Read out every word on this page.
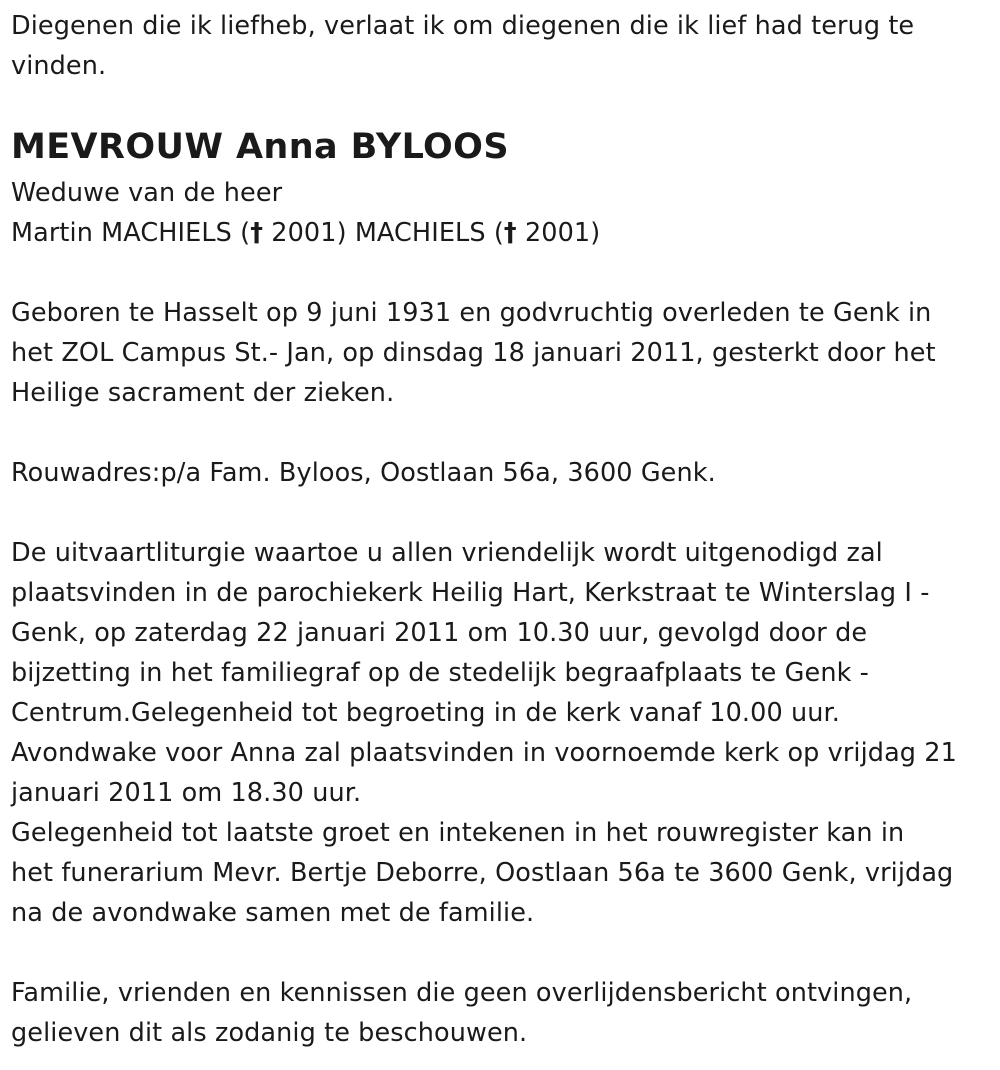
Diegenen die ik liefheb, verlaat ik om diegenen die ik lief had terug te
vinden.
MEVROUW Anna BYLOOS
Weduwe van de heer
Martin MACHIELS († 2001) MACHIELS († 2001)
Geboren te Hasselt op 9 juni 1931 en godvruchtig overleden te Genk in
het ZOL Campus St.- Jan, op dinsdag 18 januari 2011, gesterkt door het
Heilige sacrament der zieken.
Rouwadres:p/a Fam. Byloos, Oostlaan 56a, 3600 Genk.
De uitvaartliturgie waartoe u allen vriendelijk wordt uitgenodigd zal
plaatsvinden in de parochiekerk Heilig Hart, Kerkstraat te Winterslag I -
Genk, op zaterdag 22 januari 2011 om 10.30 uur, gevolgd door de
bijzetting in het familiegraf op de stedelijk begraafplaats te Genk -
Centrum.Gelegenheid tot begroeting in de kerk vanaf 10.00 uur.
Avondwake voor Anna zal plaatsvinden in voornoemde kerk op vrijdag 21
januari 2011 om 18.30 uur.
Gelegenheid tot laatste groet en intekenen in het rouwregister kan in
het funerarium Mevr. Bertje Deborre, Oostlaan 56a te 3600 Genk, vrijdag
na de avondwake samen met de familie.
Familie, vrienden en kennissen die geen overlijdensbericht ontvingen,
gelieven dit als zodanig te beschouwen.
